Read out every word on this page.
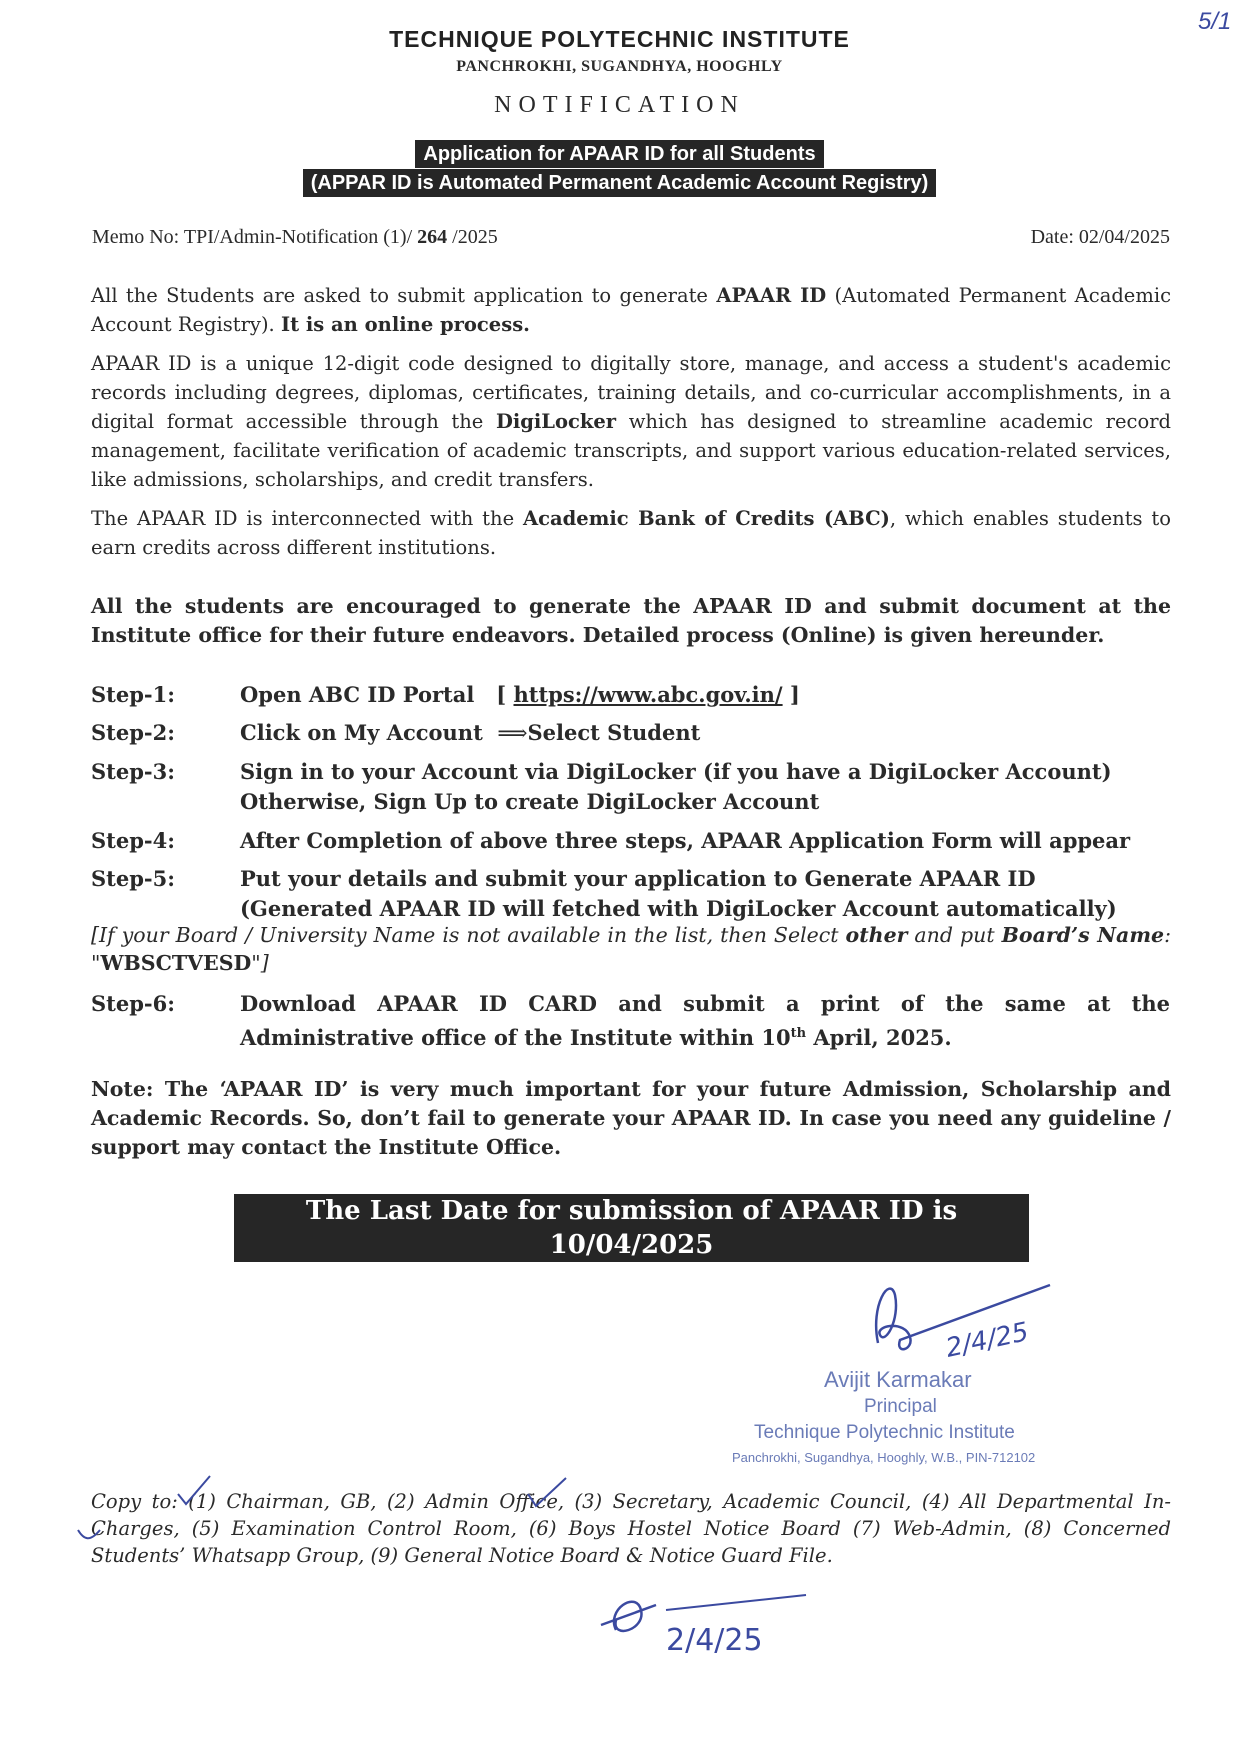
5/1
TECHNIQUE POLYTECHNIC INSTITUTE
PANCHROKHI, SUGANDHYA, HOOGHLY
NOTIFICATION
Application for APAAR ID for all Students
(APPAR ID is Automated Permanent Academic Account Registry)
Memo No: TPI/Admin-Notification (1)/ 264 /2025	Date: 02/04/2025

All the Students are asked to submit application to generate APAAR ID (Automated Permanent Academic Account Registry). It is an online process.

APAAR ID is a unique 12-digit code designed to digitally store, manage, and access a student's academic records including degrees, diplomas, certificates, training details, and co-curricular accomplishments, in a digital format accessible through the DigiLocker which has designed to streamline academic record management, facilitate verification of academic transcripts, and support various education-related services, like admissions, scholarships, and credit transfers.

The APAAR ID is interconnected with the Academic Bank of Credits (ABC), which enables students to earn credits across different institutions.

All the students are encouraged to generate the APAAR ID and submit document at the Institute office for their future endeavors. Detailed process (Online) is given hereunder.

Step-1:	Open ABC ID Portal   [ https://www.abc.gov.in/ ]
Step-2:	Click on My Account ⟹Select Student
Step-3:	Sign in to your Account via DigiLocker (if you have a DigiLocker Account)
Otherwise, Sign Up to create DigiLocker Account
Step-4:	After Completion of above three steps, APAAR Application Form will appear
Step-5:	Put your details and submit your application to Generate APAAR ID
(Generated APAAR ID will fetched with DigiLocker Account automatically)

[If your Board / University Name is not available in the list, then Select other and put Board’s Name: "WBSCTVESD"]

Step-6:	Download APAAR ID CARD and submit a print of the same at the Administrative office of the Institute within 10th April, 2025.

Note: The ‘APAAR ID’ is very much important for your future Admission, Scholarship and Academic Records. So, don’t fail to generate your APAAR ID. In case you need any guideline / support may contact the Institute Office.

The Last Date for submission of APAAR ID is 10/04/2025
2/4/25
Avijit Karmakar
Principal
Technique Polytechnic Institute
Panchrokhi, Sugandhya, Hooghly, W.B., PIN-712102

Copy to: (1) Chairman, GB, (2) Admin Office, (3) Secretary, Academic Council, (4) All Departmental In-Charges, (5) Examination Control Room, (6) Boys Hostel Notice Board (7) Web-Admin, (8) Concerned Students’ Whatsapp Group, (9) General Notice Board & Notice Guard File.

2/4/25
